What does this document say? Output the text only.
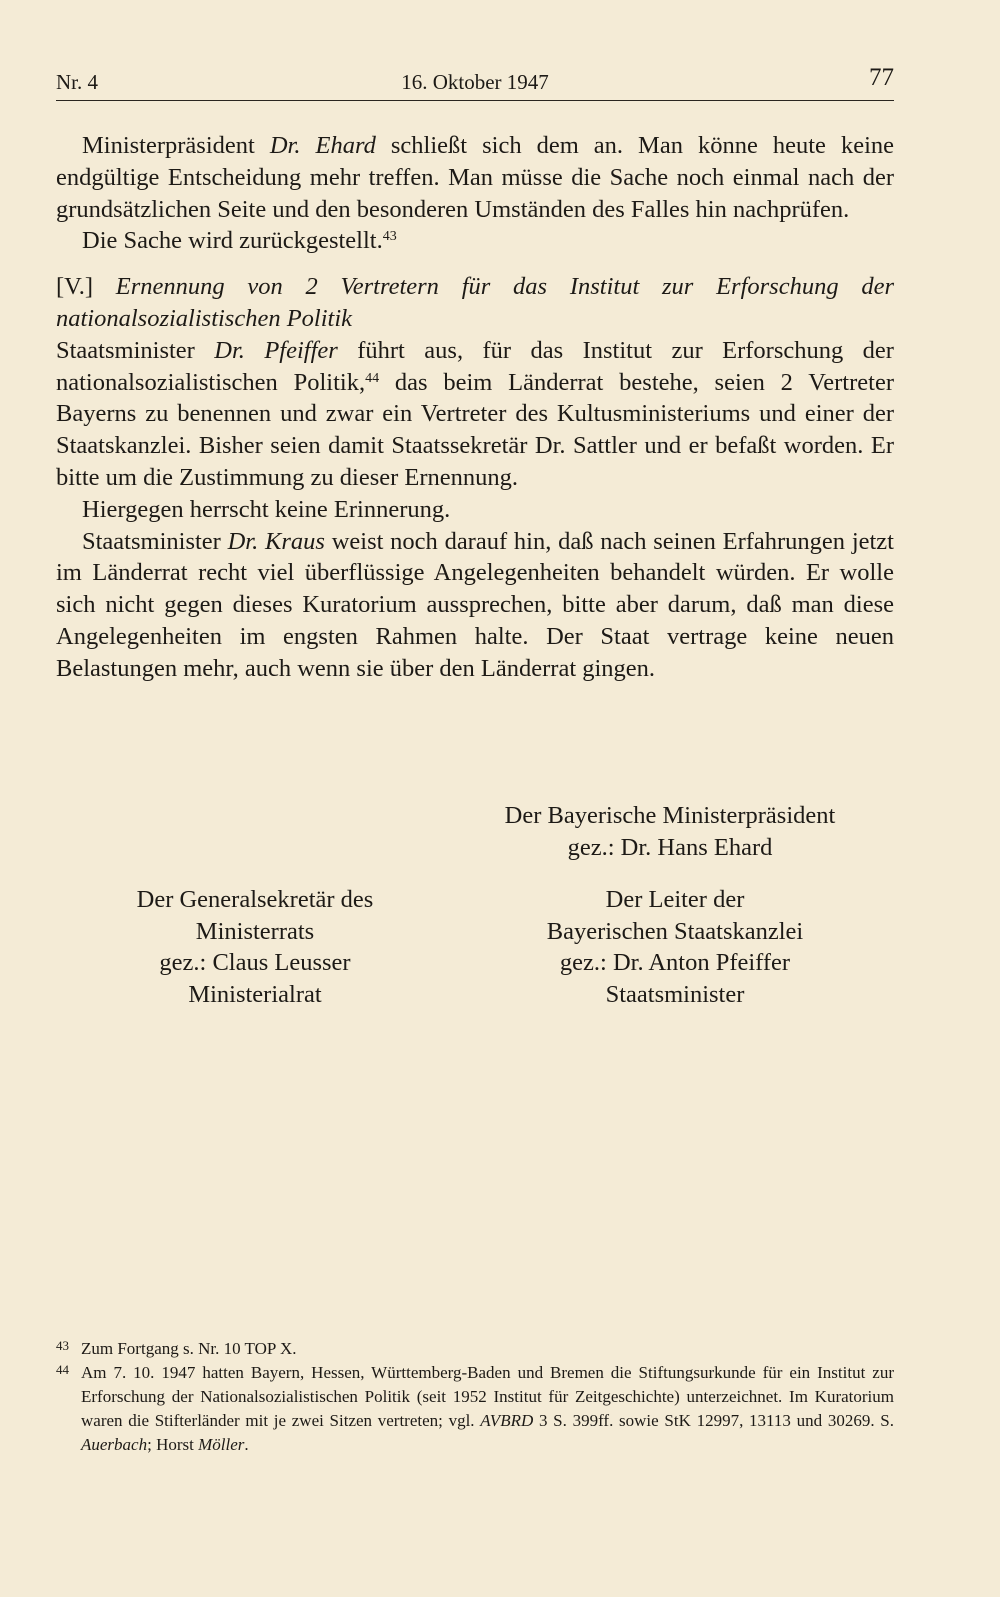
Nr. 4	16. Oktober 1947	77

Ministerpräsident Dr. Ehard schließt sich dem an. Man könne heute keine endgültige Entscheidung mehr treffen. Man müsse die Sache noch einmal nach der grundsätzlichen Seite und den besonderen Umständen des Falles hin nachprüfen.

Die Sache wird zurückgestellt.$^{43}$

[V.] Ernennung von 2 Vertretern für das Institut zur Erforschung der nationalsozialistischen Politik

Staatsminister Dr. Pfeiffer führt aus, für das Institut zur Erforschung der nationalsozialistischen Politik,$^{44}$ das beim Länderrat bestehe, seien 2 Vertreter Bayerns zu benennen und zwar ein Vertreter des Kultusministeriums und einer der Staatskanzlei. Bisher seien damit Staatssekretär Dr. Sattler und er befaßt worden. Er bitte um die Zustimmung zu dieser Ernennung.

Hiergegen herrscht keine Erinnerung.

Staatsminister Dr. Kraus weist noch darauf hin, daß nach seinen Erfahrungen jetzt im Länderrat recht viel überflüssige Angelegenheiten behandelt würden. Er wolle sich nicht gegen dieses Kuratorium aussprechen, bitte aber darum, daß man diese Angelegenheiten im engsten Rahmen halte. Der Staat vertrage keine neuen Belastungen mehr, auch wenn sie über den Länderrat gingen.

Der Bayerische Ministerpräsident
gez.: Dr. Hans Ehard
Der Generalsekretär des
Ministerrats
gez.: Claus Leusser
Ministerialrat
Der Leiter der
Bayerischen Staatskanzlei
gez.: Dr. Anton Pfeiffer
Staatsminister

43 Zum Fortgang s. Nr. 10 TOP X.

44 Am 7. 10. 1947 hatten Bayern, Hessen, Württemberg-Baden und Bremen die Stiftungsurkunde für ein Institut zur Erforschung der Nationalsozialistischen Politik (seit 1952 Institut für Zeitgeschichte) unterzeichnet. Im Kuratorium waren die Stifterländer mit je zwei Sitzen vertreten; vgl. AVBRD 3 S. 399ff. sowie StK 12997, 13113 und 30269. S. Auerbach; Horst Möller.
